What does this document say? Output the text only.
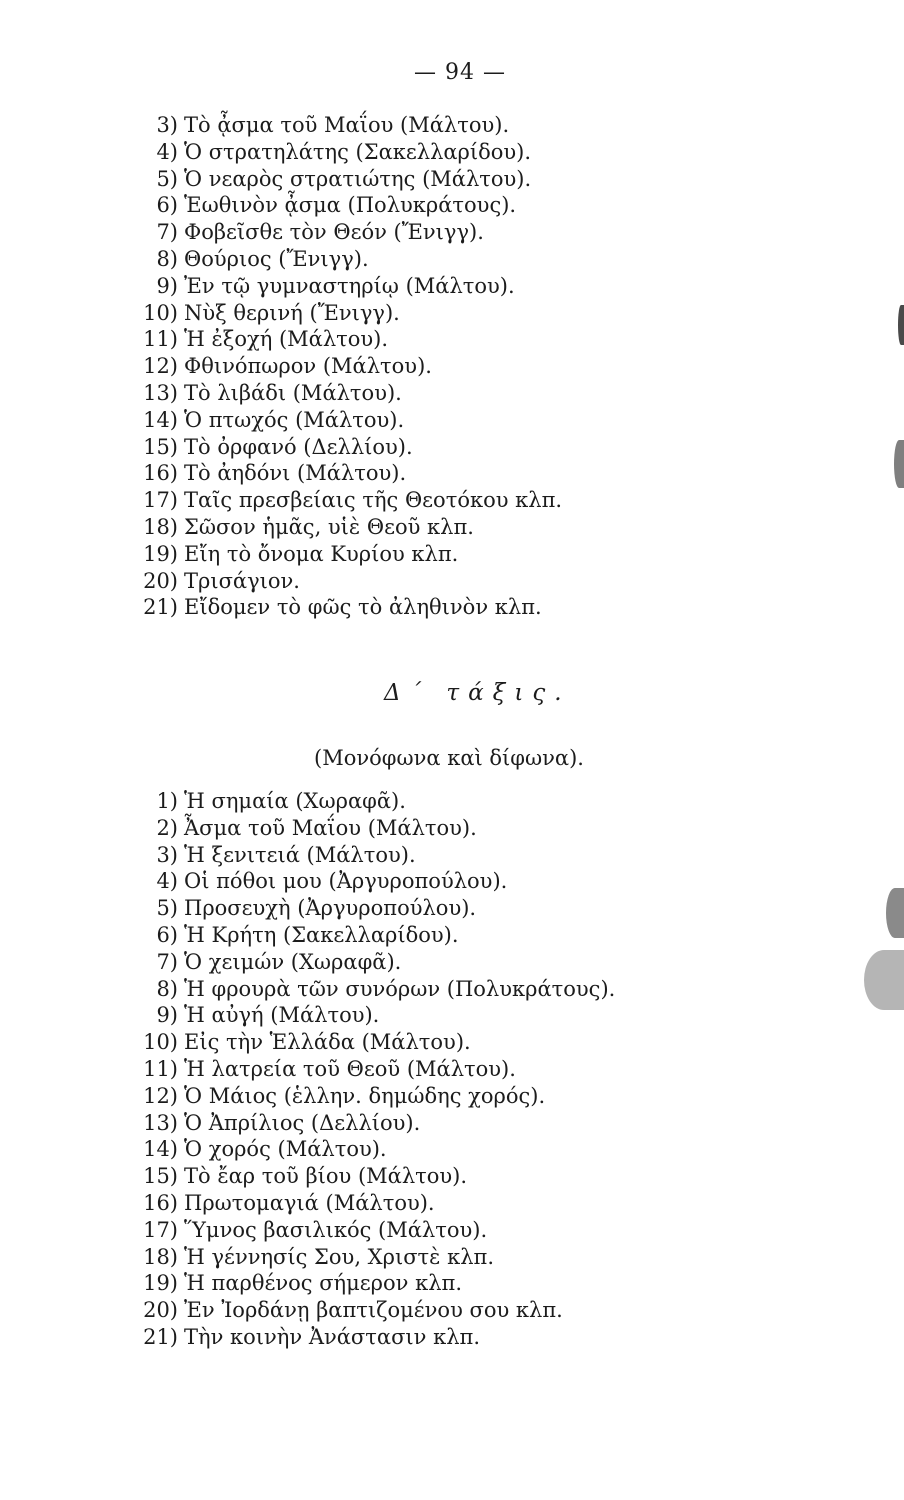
— 94 —
3) Τὸ ᾆσμα τοῦ Μαΐου (Μάλτου).
4) Ὁ στρατηλάτης (Σακελλαρίδου).
5) Ὁ νεαρὸς στρατιώτης (Μάλτου).
6) Ἑωθινὸν ᾆσμα (Πολυκράτους).
7) Φοβεῖσθε τὸν Θεόν (Ἔνιγγ).
8) Θούριος (Ἔνιγγ).
9) Ἐν τῷ γυμναστηρίῳ (Μάλτου).
10) Νὺξ θερινή (Ἔνιγγ).
11) Ἡ ἐξοχή (Μάλτου).
12) Φθινόπωρον (Μάλτου).
13) Τὸ λιβάδι (Μάλτου).
14) Ὁ πτωχός (Μάλτου).
15) Τὸ ὀρφανό (Δελλίου).
16) Τὸ ἀηδόνι (Μάλτου).
17) Ταῖς πρεσβείαις τῆς Θεοτόκου κλπ.
18) Σῶσον ἡμᾶς, υἱὲ Θεοῦ κλπ.
19) Εἴη τὸ ὄνομα Κυρίου κλπ.
20) Τρισάγιον.
21) Εἴδομεν τὸ φῶς τὸ ἀληθινὸν κλπ.
Δ΄ τάξις.
(Μονόφωνα καὶ δίφωνα).
1) Ἡ σημαία (Χωραφᾶ).
2) Ἆσμα τοῦ Μαΐου (Μάλτου).
3) Ἡ ξενιτειά (Μάλτου).
4) Οἱ πόθοι μου (Ἀργυροπούλου).
5) Προσευχὴ (Ἀργυροπούλου).
6) Ἡ Κρήτη (Σακελλαρίδου).
7) Ὁ χειμών (Χωραφᾶ).
8) Ἡ φρουρὰ τῶν συνόρων (Πολυκράτους).
9) Ἡ αὐγή (Μάλτου).
10) Εἰς τὴν Ἑλλάδα (Μάλτου).
11) Ἡ λατρεία τοῦ Θεοῦ (Μάλτου).
12) Ὁ Μάιος (ἑλλην. δημώδης χορός).
13) Ὁ Ἀπρίλιος (Δελλίου).
14) Ὁ χορός (Μάλτου).
15) Τὸ ἔαρ τοῦ βίου (Μάλτου).
16) Πρωτομαγιά (Μάλτου).
17) Ὕμνος βασιλικός (Μάλτου).
18) Ἡ γέννησίς Σου, Χριστὲ κλπ.
19) Ἡ παρθένος σήμερον κλπ.
20) Ἐν Ἰορδάνῃ βαπτιζομένου σου κλπ.
21) Τὴν κοινὴν Ἀνάστασιν κλπ.
